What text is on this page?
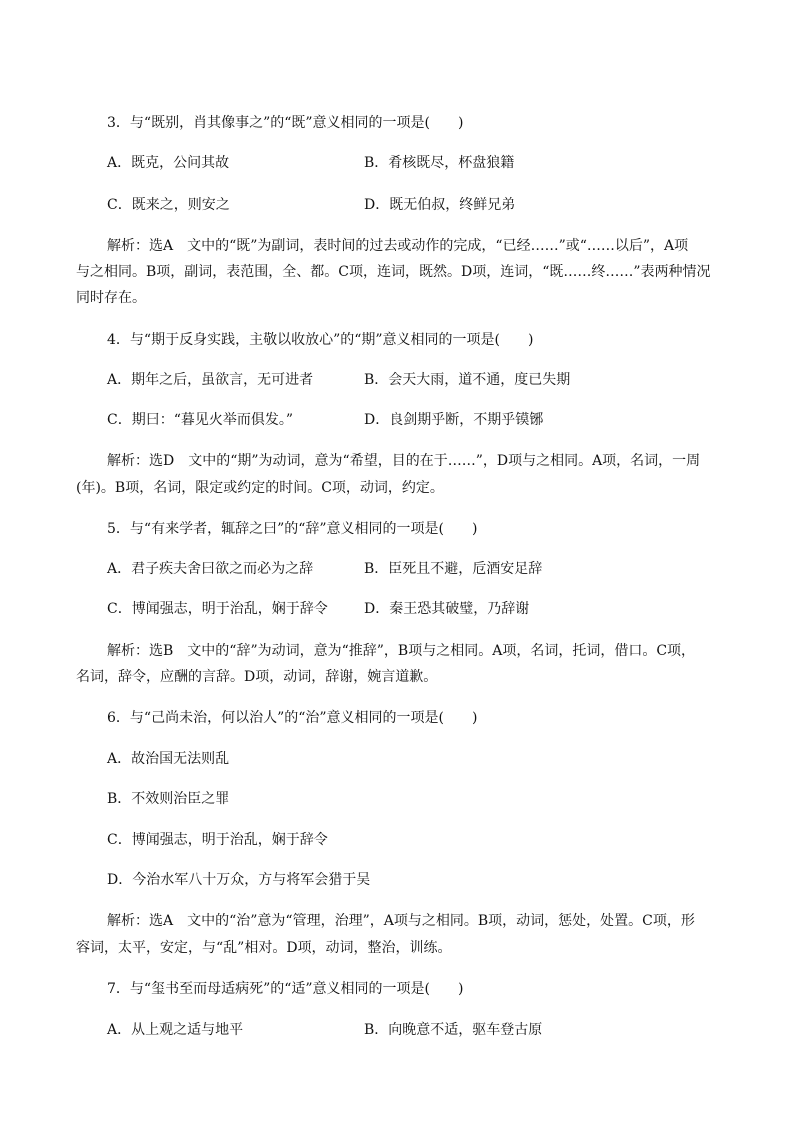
3．与“既别，肖其像事之”的“既”意义相同的一项是(　　)
A．既克，公问其故	B．肴核既尽，杯盘狼籍
C．既来之，则安之	D．既无伯叔，终鲜兄弟
解析：选A　文中的“既”为副词，表时间的过去或动作的完成，“已经……”或“……以后”，A项
与之相同。B项，副词，表范围，全、都。C项，连词，既然。D项，连词，“既……终……”表两种情况
同时存在。
4．与“期于反身实践，主敬以收放心”的“期”意义相同的一项是(　　)
A．期年之后，虽欲言，无可进者	B．会天大雨，道不通，度已失期
C．期曰：“暮见火举而俱发。”	D．良剑期乎断，不期乎镆铘
解析：选D　文中的“期”为动词，意为“希望，目的在于……”，D项与之相同。A项，名词，一周
(年)。B项，名词，限定或约定的时间。C项，动词，约定。
5．与“有来学者，辄辞之曰”的“辞”意义相同的一项是(　　)
A．君子疾夫舍曰欲之而必为之辞	B．臣死且不避，卮酒安足辞
C．博闻强志，明于治乱，娴于辞令	D．秦王恐其破璧，乃辞谢
解析：选B　文中的“辞”为动词，意为“推辞”，B项与之相同。A项，名词，托词，借口。C项，
名词，辞令，应酬的言辞。D项，动词，辞谢，婉言道歉。
6．与“己尚未治，何以治人”的“治”意义相同的一项是(　　)
A．故治国无法则乱
B．不效则治臣之罪
C．博闻强志，明于治乱，娴于辞令
D．今治水军八十万众，方与将军会猎于吴
解析：选A　文中的“治”意为“管理，治理”，A项与之相同。B项，动词，惩处，处置。C项，形
容词，太平，安定，与“乱”相对。D项，动词，整治，训练。
7．与“玺书至而母适病死”的“适”意义相同的一项是(　　)
A．从上观之适与地平	B．向晚意不适，驱车登古原
